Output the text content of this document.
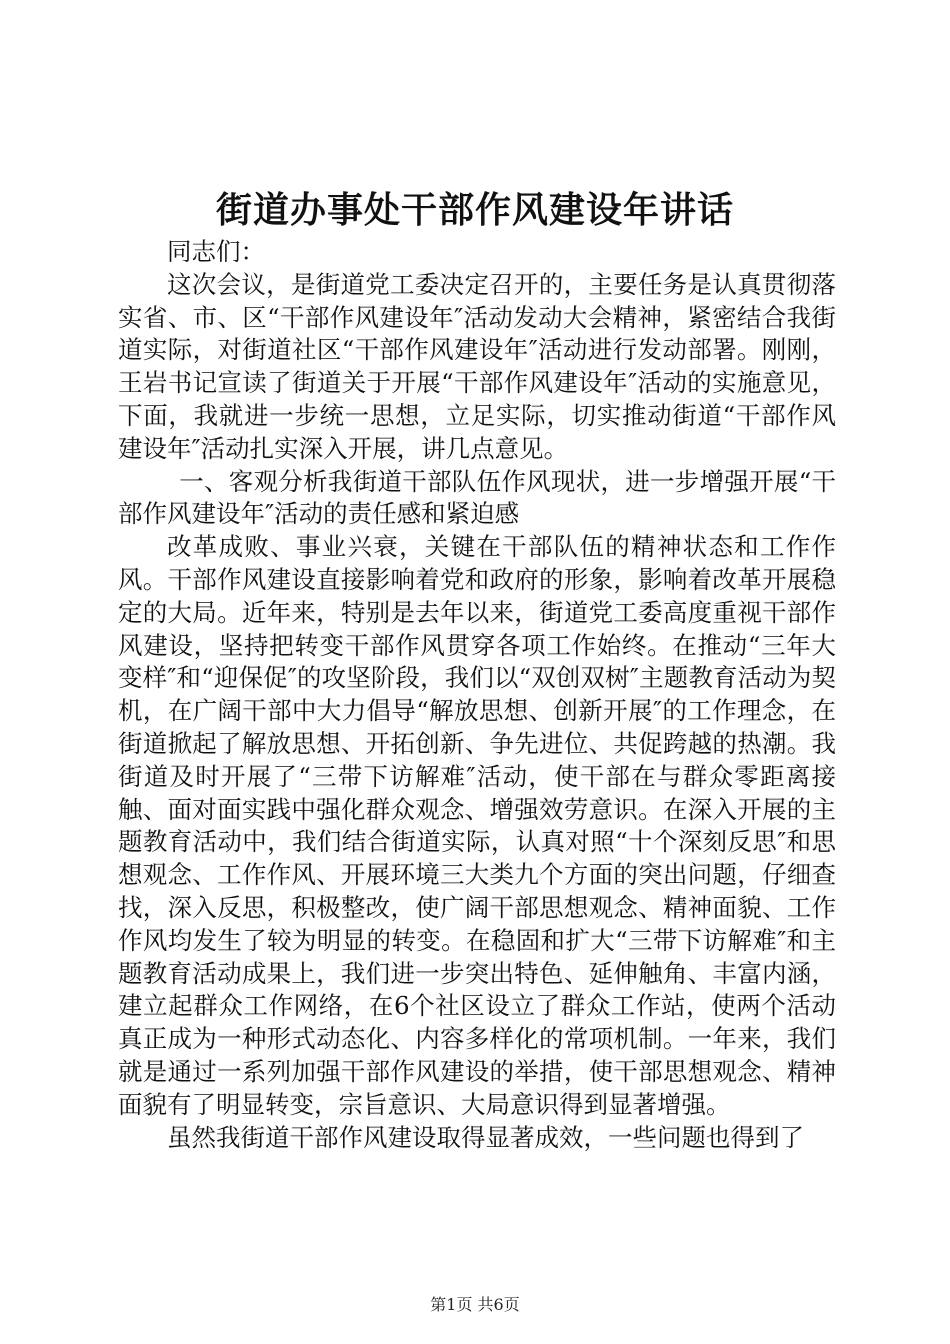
街道办事处干部作风建设年讲话

同志们：

这次会议，是街道党工委决定召开的，主要任务是认真贯彻落实省、市、区“干部作风建设年″活动发动大会精神，紧密结合我街道实际，对街道社区“干部作风建设年″活动进行发动部署。刚刚，王岩书记宣读了街道关于开展“干部作风建设年″活动的实施意见，下面，我就进一步统一思想，立足实际，切实推动街道“干部作风建设年″活动扎实深入开展，讲几点意见。

一、客观分析我街道干部队伍作风现状，进一步增强开展“干部作风建设年″活动的责任感和紧迫感

改革成败、事业兴衰，关键在干部队伍的精神状态和工作作风。干部作风建设直接影响着党和政府的形象，影响着改革开展稳定的大局。近年来，特别是去年以来，街道党工委高度重视干部作风建设，坚持把转变干部作风贯穿各项工作始终。在推动“三年大变样″和“迎保促″的攻坚阶段，我们以“双创双树″主题教育活动为契机，在广阔干部中大力倡导“解放思想、创新开展″的工作理念，在街道掀起了解放思想、开拓创新、争先进位、共促跨越的热潮。我街道及时开展了“三带下访解难″活动，使干部在与群众零距离接触、面对面实践中强化群众观念、增强效劳意识。在深入开展的主题教育活动中，我们结合街道实际，认真对照“十个深刻反思″和思想观念、工作作风、开展环境三大类九个方面的突出问题，仔细查找，深入反思，积极整改，使广阔干部思想观念、精神面貌、工作作风均发生了较为明显的转变。在稳固和扩大“三带下访解难″和主题教育活动成果上，我们进一步突出特色、延伸触角、丰富内涵，建立起群众工作网络，在6个社区设立了群众工作站，使两个活动真正成为一种形式动态化、内容多样化的常项机制。一年来，我们就是通过一系列加强干部作风建设的举措，使干部思想观念、精神面貌有了明显转变，宗旨意识、大局意识得到显著增强。

虽然我街道干部作风建设取得显著成效，一些问题也得到了

第1页 共6页
